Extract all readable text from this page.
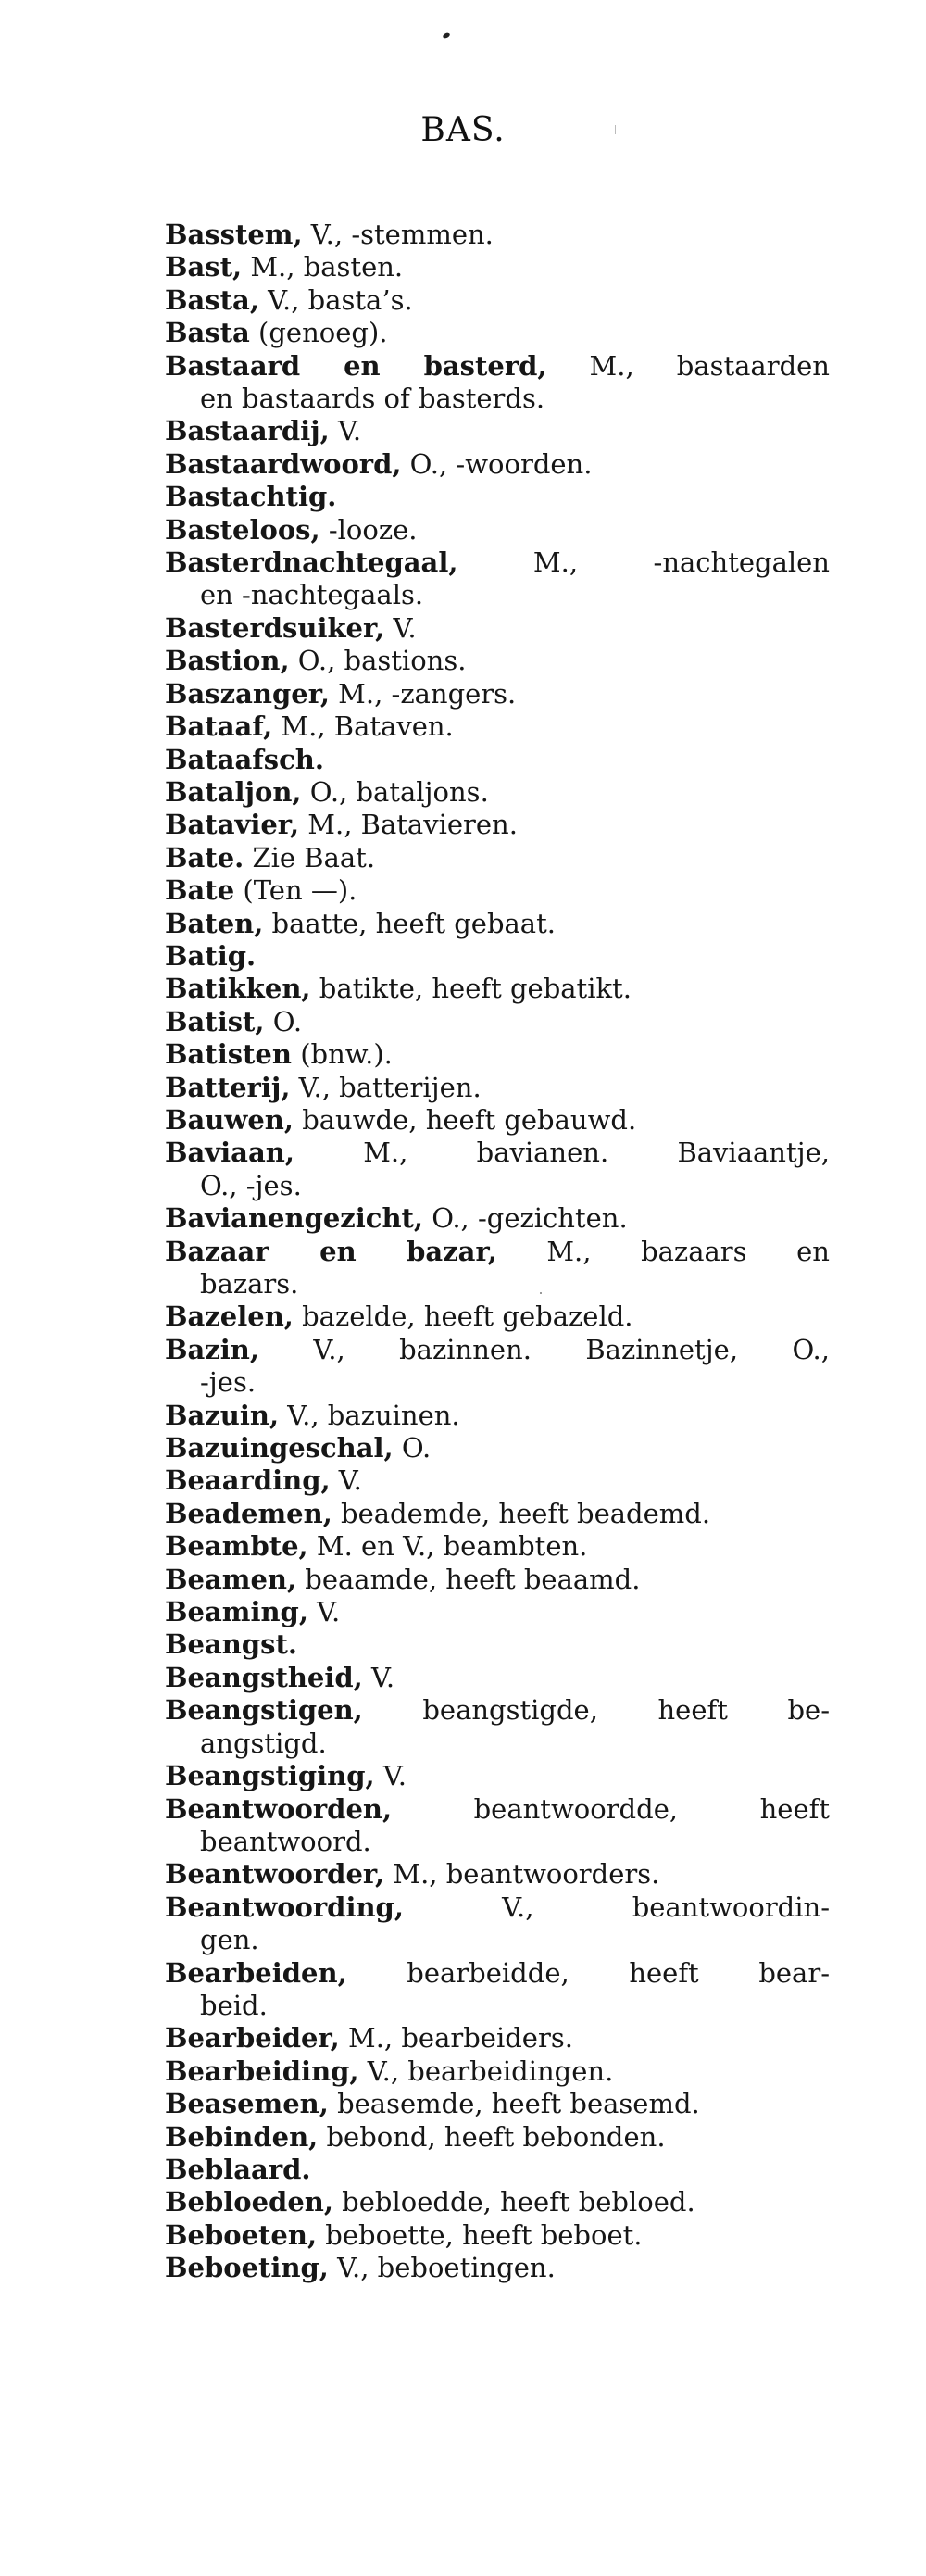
BAS.
Basstem, V., -stemmen.
Bast, M., basten.
Basta, V., basta’s.
Basta (genoeg).
Bastaard en basterd, M., bastaarden
en bastaards of basterds.
Bastaardij, V.
Bastaardwoord, O., -woorden.
Bastachtig.
Basteloos, -looze.
Basterdnachtegaal, M., -nachtegalen
en -nachtegaals.
Basterdsuiker, V.
Bastion, O., bastions.
Baszanger, M., -zangers.
Bataaf, M., Bataven.
Bataafsch.
Bataljon, O., bataljons.
Batavier, M., Batavieren.
Bate. Zie Baat.
Bate (Ten —).
Baten, baatte, heeft gebaat.
Batig.
Batikken, batikte, heeft gebatikt.
Batist, O.
Batisten (bnw.).
Batterij, V., batterijen.
Bauwen, bauwde, heeft gebauwd.
Baviaan, M., bavianen. Baviaantje,
O., -jes.
Bavianengezicht, O., -gezichten.
Bazaar en bazar, M., bazaars en
bazars.
Bazelen, bazelde, heeft gebazeld.
Bazin, V., bazinnen. Bazinnetje, O.,
-jes.
Bazuin, V., bazuinen.
Bazuingeschal, O.
Beaarding, V.
Beademen, beademde, heeft beademd.
Beambte, M. en V., beambten.
Beamen, beaamde, heeft beaamd.
Beaming, V.
Beangst.
Beangstheid, V.
Beangstigen, beangstigde, heeft be-
angstigd.
Beangstiging, V.
Beantwoorden, beantwoordde, heeft
beantwoord.
Beantwoorder, M., beantwoorders.
Beantwoording, V., beantwoordin-
gen.
Bearbeiden, bearbeidde, heeft bear-
beid.
Bearbeider, M., bearbeiders.
Bearbeiding, V., bearbeidingen.
Beasemen, beasemde, heeft beasemd.
Bebinden, bebond, heeft bebonden.
Beblaard.
Bebloeden, bebloedde, heeft bebloed.
Beboeten, beboette, heeft beboet.
Beboeting, V., beboetingen.
